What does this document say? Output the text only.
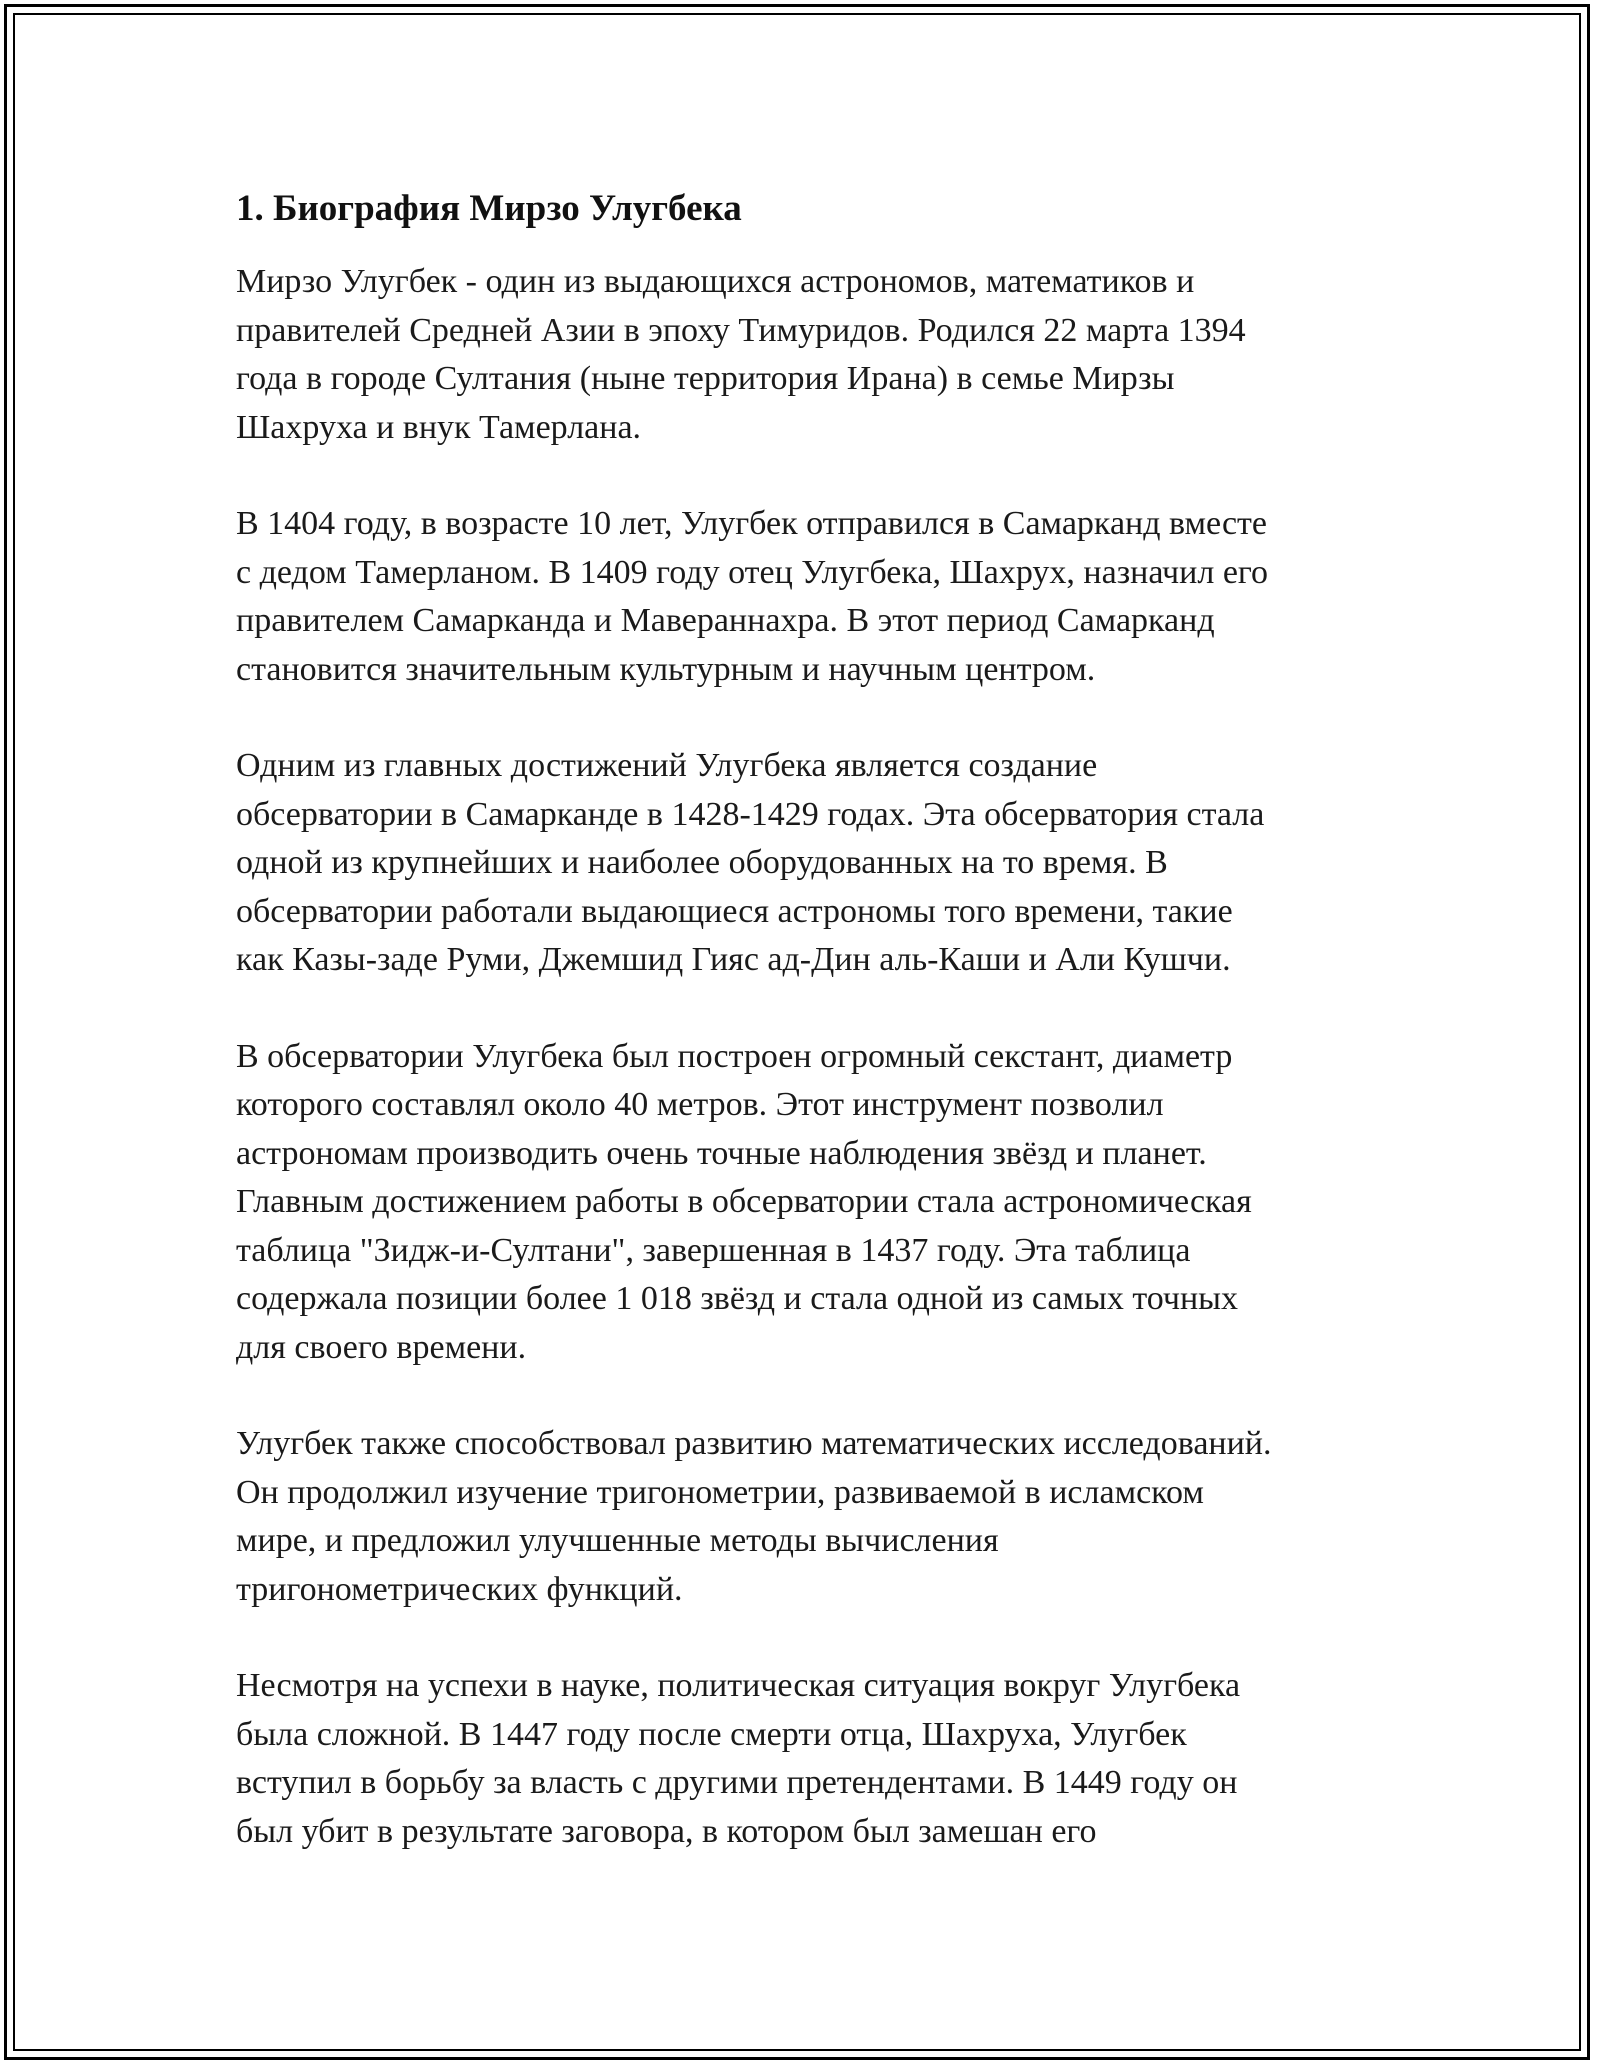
1. Биография Мирзо Улугбека

Мирзо Улугбек - один из выдающихся астрономов, математиков и
правителей Средней Азии в эпоху Тимуридов. Родился 22 марта 1394
года в городе Султания (ныне территория Ирана) в семье Мирзы
Шахруха и внук Тамерлана.

В 1404 году, в возрасте 10 лет, Улугбек отправился в Самарканд вместе
с дедом Тамерланом. В 1409 году отец Улугбека, Шахрух, назначил его
правителем Самарканда и Мавераннахра. В этот период Самарканд
становится значительным культурным и научным центром.

Одним из главных достижений Улугбека является создание
обсерватории в Самарканде в 1428-1429 годах. Эта обсерватория стала
одной из крупнейших и наиболее оборудованных на то время. В
обсерватории работали выдающиеся астрономы того времени, такие
как Казы-заде Руми, Джемшид Гияс ад-Дин аль-Каши и Али Кушчи.

В обсерватории Улугбека был построен огромный секстант, диаметр
которого составлял около 40 метров. Этот инструмент позволил
астрономам производить очень точные наблюдения звёзд и планет.
Главным достижением работы в обсерватории стала астрономическая
таблица "Зидж-и-Султани", завершенная в 1437 году. Эта таблица
содержала позиции более 1 018 звёзд и стала одной из самых точных
для своего времени.

Улугбек также способствовал развитию математических исследований.
Он продолжил изучение тригонометрии, развиваемой в исламском
мире, и предложил улучшенные методы вычисления
тригонометрических функций.

Несмотря на успехи в науке, политическая ситуация вокруг Улугбека
была сложной. В 1447 году после смерти отца, Шахруха, Улугбек
вступил в борьбу за власть с другими претендентами. В 1449 году он
был убит в результате заговора, в котором был замешан его
